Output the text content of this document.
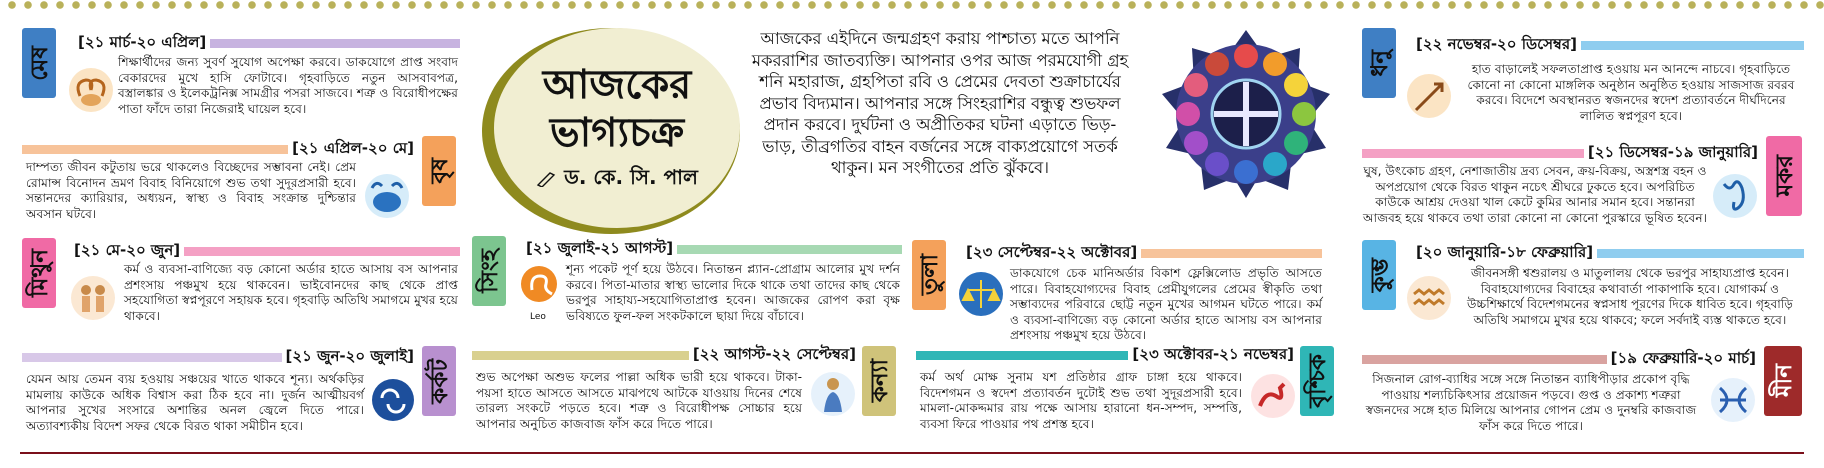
মেষ
[২১ মার্চ-২০ এপ্রিল]
শিক্ষার্থীদের জন্য সুবর্ণ সুযোগ অপেক্ষা করবে। ডাকযোগে প্রাপ্ত সংবাদ বেকারদের মুখে হাসি ফোটাবে। গৃহবাড়িতে নতুন আসবাবপত্র, বস্ত্রালঙ্কার ও ইলেকট্রনিক্স সামগ্রীর পসরা সাজবে। শত্রু ও বিরোধীপক্ষের পাতা ফাঁদে তারা নিজেরাই ঘায়েল হবে।
বৃষ
[২১ এপ্রিল-২০ মে]
দাম্পত্য জীবন কটুতায় ভরে থাকলেও বিচ্ছেদের সম্ভাবনা নেই। প্রেম রোমান্স বিনোদন ভ্রমণ বিবাহ বিনিয়োগে শুভ তথা সুদূরপ্রসারী হবে। সন্তানদের ক্যারিয়ার, অধ্যয়ন, স্বাস্থ্য ও বিবাহ সংক্রান্ত দুশ্চিন্তার অবসান ঘটবে।
মিথুন	[২১ মে-২০ জুন]
কর্ম ও ব্যবসা-বাণিজ্যে বড় কোনো অর্ডার হাতে আসায় বস আপনার প্রশংসায় পঞ্চমুখ হয়ে থাকবেন। ভাইবোনদের কাছ থেকে প্রাপ্ত সহযোগিতা স্বপ্নপূরণে সহায়ক হবে। গৃহবাড়ি অতিথি সমাগমে মুখর হয়ে থাকবে।
কর্কট
[২১ জুন-২০ জুলাই]
যেমন আয় তেমন ব্যয় হওয়ায় সঞ্চয়ের খাতে থাকবে শূন্য। অর্থকড়ির মামলায় কাউকে অধিক বিশ্বাস করা ঠিক হবে না। দুর্জন আত্মীয়বর্গ আপনার সুখের সংসারে অশান্তির অনল জ্বেলে দিতে পারে। অত্যাবশ্যকীয় বিদেশ সফর থেকে বিরত থাকা সমীচীন হবে।
আজকের
ভাগ্যচক্র
ড. কে. সি. পাল
আজকের এইদিনে জন্মগ্রহণ করায় পাশ্চাত্য মতে আপনি মকররাশির জাতব্যক্তি। আপনার ওপর আজ পরমযোগী গ্রহ শনি মহারাজ, গ্রহপিতা রবি ও প্রেমের দেবতা শুক্রাচার্যের প্রভাব বিদ্যমান। আপনার সঙ্গে সিংহরাশির বন্ধুত্ব শুভফল প্রদান করবে। দুর্ঘটনা ও অপ্রীতিকর ঘটনা এড়াতে ভিড়-ভাড়, তীব্রগতির বাহন বর্জনের সঙ্গে বাক্যপ্রয়োগে সতর্ক থাকুন। মন সংগীতের প্রতি ঝুঁকবে।
সিংহ
[২১ জুলাই-২১ আগস্ট]
Leo
শূন্য পকেট পূর্ণ হয়ে উঠবে। নিতান্তন প্ল্যান-প্রোগ্রাম আলোর মুখ দর্শন করবে। পিতা-মাতার স্বাস্থ্য ভালোর দিকে থাকে তথা তাদের কাছ থেকে ভরপুর সাহায্য-সহযোগিতাপ্রাপ্ত হবেন। আজকের রোপণ করা বৃক্ষ ভবিষ্যতে ফুল-ফল সংকটকালে ছায়া দিয়ে বাঁচাবে।
কন্যা
[২২ আগস্ট-২২ সেপ্টেম্বর]
শুভ অপেক্ষা অশুভ ফলের পাল্লা অধিক ভারী হয়ে থাকবে। টাকা-পয়সা হাতে আসতে আসতে মাঝপথে আটকে যাওয়ায় দিনের শেষে তারল্য সংকটে পড়তে হবে। শত্রু ও বিরোধীপক্ষ সোচ্চার হয়ে আপনার অনুচিত কাজবাজ ফাঁস করে দিতে পারে।
তুলা
[২৩ সেপ্টেম্বর-২২ অক্টোবর]
ডাকযোগে চেক মানিঅর্ডার বিকাশ ফ্লেক্সিলোড প্রভৃতি আসতে পারে। বিবাহযোগ্যদের বিবাহ প্রেমীযুগলের প্রেমের স্বীকৃতি তথা সম্ভাব্যদের পরিবারে ছোট্ট নতুন মুখের আগমন ঘটতে পারে। কর্ম ও ব্যবসা-বাণিজ্যে বড় কোনো অর্ডার হাতে আসায় বস আপনার প্রশংসায় পঞ্চমুখ হয়ে উঠবে।
বৃশ্চিক
[২৩ অক্টোবর-২১ নভেম্বর]
কর্ম অর্থ মোক্ষ সুনাম যশ প্রতিষ্ঠার গ্রাফ চাঙ্গা হয়ে থাকবে। বিদেশগমন ও স্বদেশ প্রত্যাবর্তন দুটোই শুভ তথা সুদূরপ্রসারী হবে। মামলা-মোকদ্দমার রায় পক্ষে আসায় হারানো ধন-সম্পদ, সম্পত্তি, ব্যবসা ফিরে পাওয়ার পথ প্রশস্ত হবে।
ধনু
[২২ নভেম্বর-২০ ডিসেম্বর]
হাত বাড়ালেই সফলতাপ্রাপ্ত হওয়ায় মন আনন্দে নাচবে। গৃহবাড়িতে কোনো না কোনো মাঙ্গলিক অনুষ্ঠান অনুষ্ঠিত হওয়ায় সাজসাজ রবরব করবে। বিদেশে অবস্থানরত স্বজনদের স্বদেশ প্রত্যাবর্তনে দীর্ঘদিনের লালিত স্বপ্নপূরণ হবে।
মকর
[২১ ডিসেম্বর-১৯ জানুয়ারি]
ঘুষ, উৎকোচ গ্রহণ, নেশাজাতীয় দ্রব্য সেবন, ক্রয়-বিক্রয়, অস্ত্রশস্ত্র বহন ও অপপ্রয়োগ থেকে বিরত থাকুন নচেৎ শ্রীঘরে ঢুকতে হবে। অপরিচিত কাউকে আশ্রয় দেওয়া খাল কেটে কুমির আনার সমান হবে। সন্তানরা আজবহ হয়ে থাকবে তথা তারা কোনো না কোনো পুরস্কারে ভূষিত হবেন।
কুম্ভ
[২০ জানুয়ারি-১৮ ফেব্রুয়ারি]
জীবনসঙ্গী শ্বশুরালয় ও মাতুলালয় থেকে ভরপুর সাহায্যপ্রাপ্ত হবেন। বিবাহযোগ্যদের বিবাহের কথাবার্তা পাকাপাকি হবে। যোগাকর্ম ও উচ্চশিক্ষার্থে বিদেশগমনের স্বপ্নসাধ পূরণের দিকে ধাবিত হবে। গৃহবাড়ি অতিথি সমাগমে মুখর হয়ে থাকবে; ফলে সর্বদাই ব্যস্ত থাকতে হবে।
মীন
[১৯ ফেব্রুয়ারি-২০ মার্চ]
সিজনাল রোগ-ব্যাধির সঙ্গে সঙ্গে নিতান্তন ব্যাধিপীড়ার প্রকোপ বৃদ্ধি পাওয়ায় শল্যচিকিৎসার প্রয়োজন পড়বে। গুপ্ত ও প্রকাশ্য শত্রুরা স্বজনদের সঙ্গে হাত মিলিয়ে আপনার গোপন প্রেম ও দুনম্বরি কাজবাজ ফাঁস করে দিতে পারে।
